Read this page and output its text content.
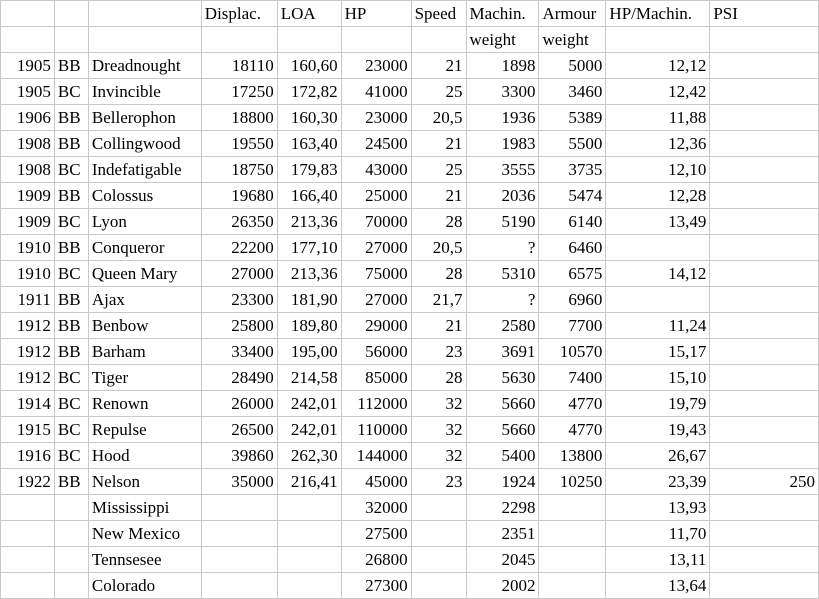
			Displac.	LOA	HP	Speed	Machin.	Armour	HP/Machin.	PSI
							weight	weight		
1905	BB	Dreadnought	18110	160,60	23000	21	1898	5000	12,12	
1905	BC	Invincible	17250	172,82	41000	25	3300	3460	12,42	
1906	BB	Bellerophon	18800	160,30	23000	20,5	1936	5389	11,88	
1908	BB	Collingwood	19550	163,40	24500	21	1983	5500	12,36	
1908	BC	Indefatigable	18750	179,83	43000	25	3555	3735	12,10	
1909	BB	Colossus	19680	166,40	25000	21	2036	5474	12,28	
1909	BC	Lyon	26350	213,36	70000	28	5190	6140	13,49	
1910	BB	Conqueror	22200	177,10	27000	20,5	?	6460		
1910	BC	Queen Mary	27000	213,36	75000	28	5310	6575	14,12	
1911	BB	Ajax	23300	181,90	27000	21,7	?	6960		
1912	BB	Benbow	25800	189,80	29000	21	2580	7700	11,24	
1912	BB	Barham	33400	195,00	56000	23	3691	10570	15,17	
1912	BC	Tiger	28490	214,58	85000	28	5630	7400	15,10	
1914	BC	Renown	26000	242,01	112000	32	5660	4770	19,79	
1915	BC	Repulse	26500	242,01	110000	32	5660	4770	19,43	
1916	BC	Hood	39860	262,30	144000	32	5400	13800	26,67	
1922	BB	Nelson	35000	216,41	45000	23	1924	10250	23,39	250
		Mississippi			32000		2298		13,93	
		New Mexico			27500		2351		11,70	
		Tennsesee			26800		2045		13,11	
		Colorado			27300		2002		13,64	
